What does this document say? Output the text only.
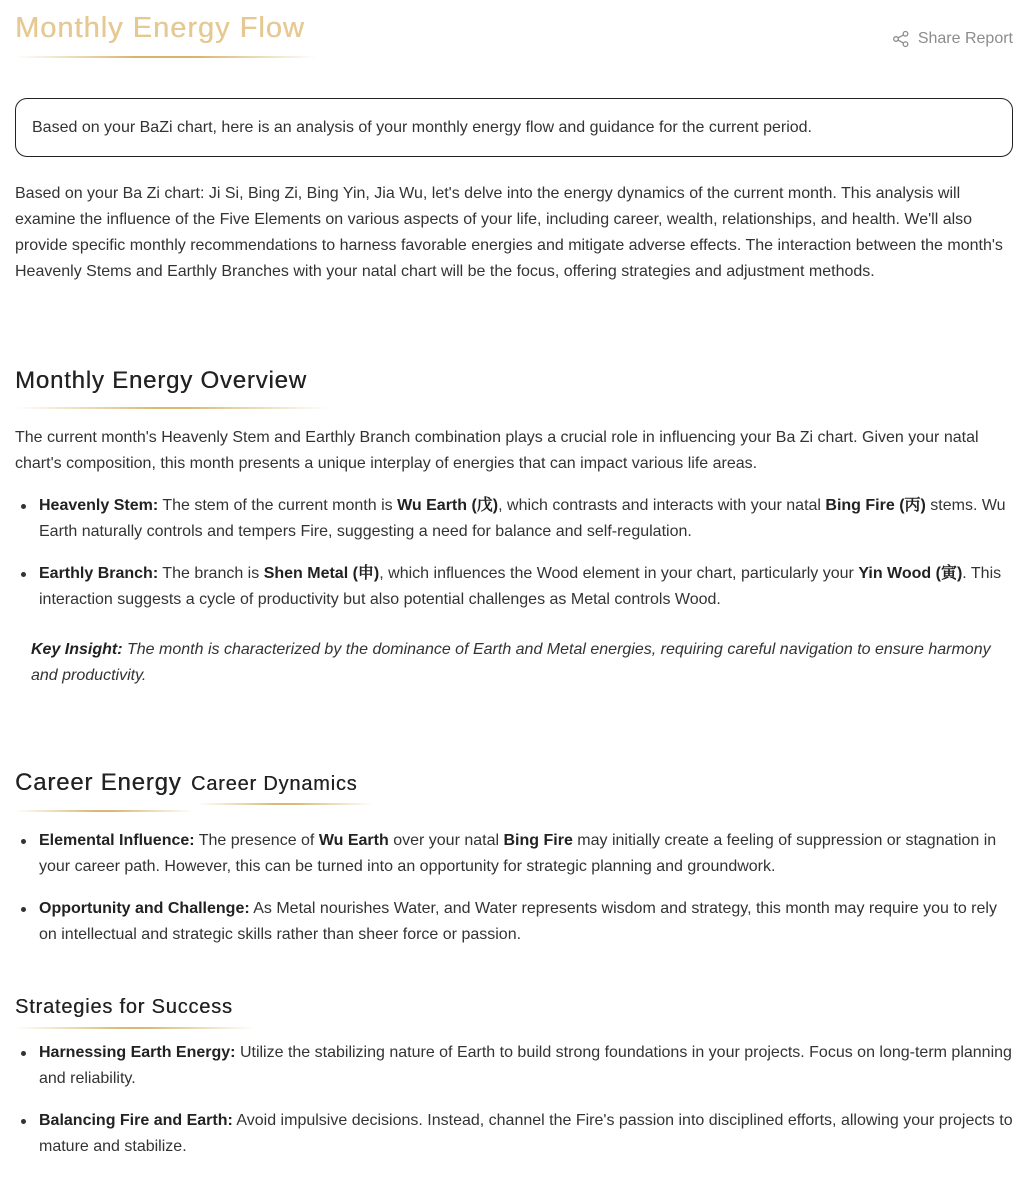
Monthly Energy Flow	Share Report
Based on your BaZi chart, here is an analysis of your monthly energy flow and guidance for the current period.

Based on your Ba Zi chart: Ji Si, Bing Zi, Bing Yin, Jia Wu, let's delve into the energy dynamics of the current month. This analysis will examine the influence of the Five Elements on various aspects of your life, including career, wealth, relationships, and health. We'll also provide specific monthly recommendations to harness favorable energies and mitigate adverse effects. The interaction between the month's Heavenly Stems and Earthly Branches with your natal chart will be the focus, offering strategies and adjustment methods.

Monthly Energy Overview

The current month's Heavenly Stem and Earthly Branch combination plays a crucial role in influencing your Ba Zi chart. Given your natal chart's composition, this month presents a unique interplay of energies that can impact various life areas.

Heavenly Stem: The stem of the current month is Wu Earth (戊), which contrasts and interacts with your natal Bing Fire (丙) stems. Wu Earth naturally controls and tempers Fire, suggesting a need for balance and self-regulation.
Earthly Branch: The branch is Shen Metal (申), which influences the Wood element in your chart, particularly your Yin Wood (寅). This interaction suggests a cycle of productivity but also potential challenges as Metal controls Wood.

Key Insight: The month is characterized by the dominance of Earth and Metal energies, requiring careful navigation to ensure harmony and productivity.

Career Energy Career Dynamics
Elemental Influence: The presence of Wu Earth over your natal Bing Fire may initially create a feeling of suppression or stagnation in your career path. However, this can be turned into an opportunity for strategic planning and groundwork.
Opportunity and Challenge: As Metal nourishes Water, and Water represents wisdom and strategy, this month may require you to rely on intellectual and strategic skills rather than sheer force or passion.
Strategies for Success
Harnessing Earth Energy: Utilize the stabilizing nature of Earth to build strong foundations in your projects. Focus on long-term planning and reliability.
Balancing Fire and Earth: Avoid impulsive decisions. Instead, channel the Fire's passion into disciplined efforts, allowing your projects to mature and stabilize.
